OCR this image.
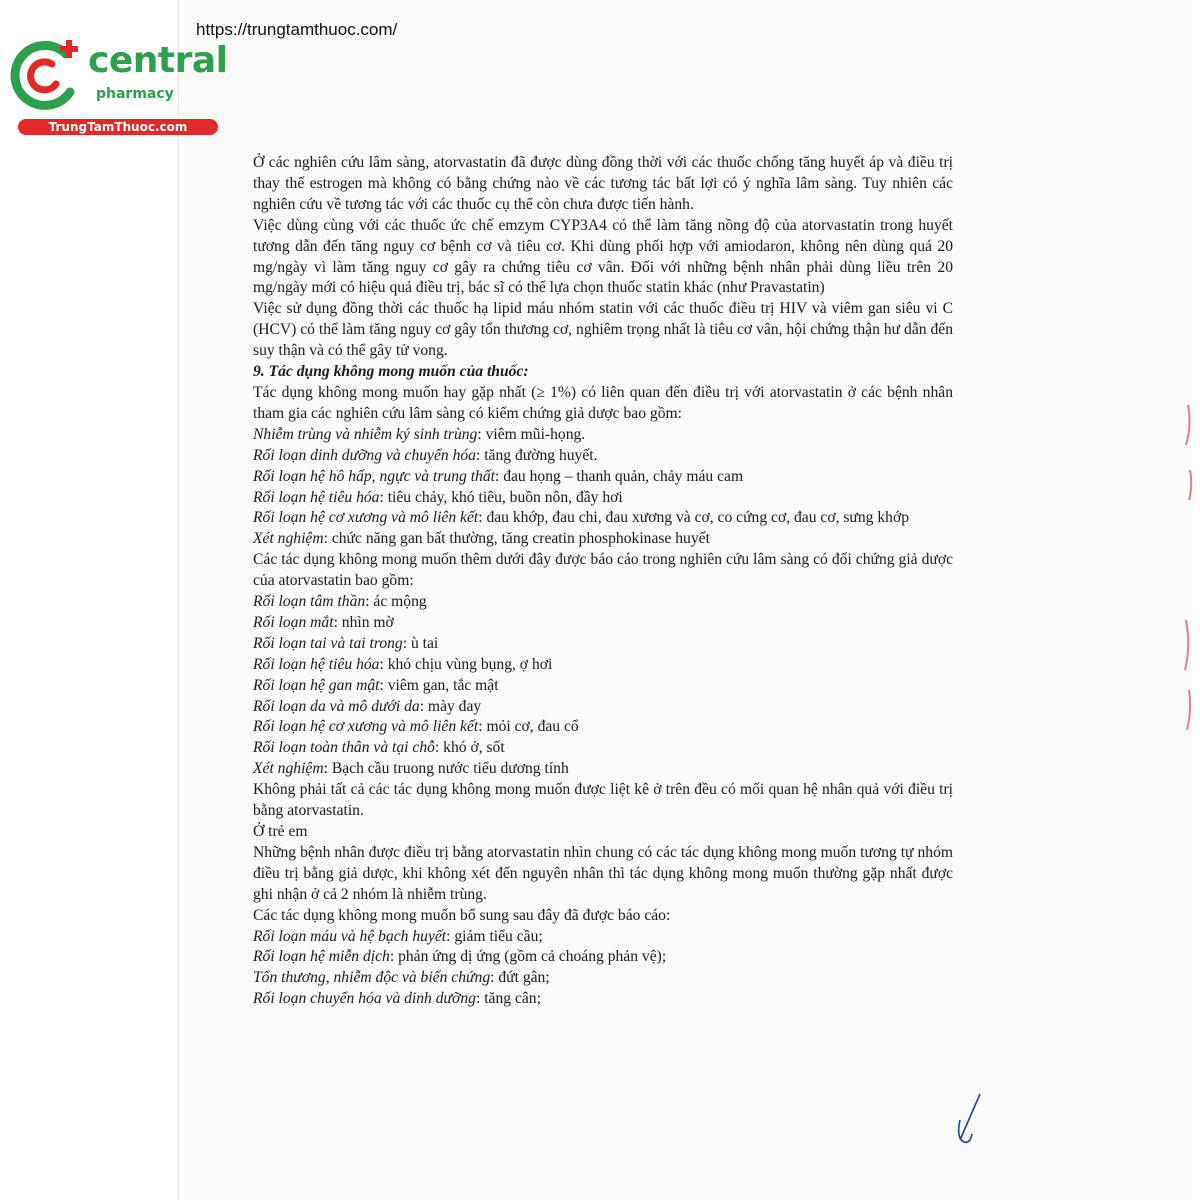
https://trungtamthuoc.com/
central
pharmacy
TrungTamThuoc.com

Ở các nghiên cứu lâm sàng, atorvastatin đã được dùng đồng thời với các thuốc chống tăng huyết áp và điều trị thay thế estrogen mà không có bằng chứng nào về các tương tác bất lợi có ý nghĩa lâm sàng. Tuy nhiên các nghiên cứu về tương tác với các thuốc cụ thể còn chưa được tiến hành.

Việc dùng cùng với các thuốc ức chế emzym CYP3A4 có thể làm tăng nồng độ của atorvastatin trong huyết tương dẫn đến tăng nguy cơ bệnh cơ và tiêu cơ. Khi dùng phối hợp với amiodaron, không nên dùng quá 20 mg/ngày vì làm tăng nguy cơ gây ra chứng tiêu cơ vân. Đối với những bệnh nhân phải dùng liều trên 20 mg/ngày mới có hiệu quả điều trị, bác sĩ có thể lựa chọn thuốc statin khác (như Pravastatin)

Việc sử dụng đồng thời các thuốc hạ lipid máu nhóm statin với các thuốc điều trị HIV và viêm gan siêu vi C (HCV) có thể làm tăng nguy cơ gây tổn thương cơ, nghiêm trọng nhất là tiêu cơ vân, hội chứng thận hư dẫn đến suy thận và có thể gây tử vong.

9. Tác dụng không mong muốn của thuốc:

Tác dụng không mong muốn hay gặp nhất (≥ 1%) có liên quan đến điều trị với atorvastatin ở các bệnh nhân tham gia các nghiên cứu lâm sàng có kiểm chứng giả dược bao gồm:

Nhiễm trùng và nhiễm ký sinh trùng: viêm mũi-họng.

Rối loạn dinh dưỡng và chuyển hóa: tăng đường huyết.

Rối loạn hệ hô hấp, ngực và trung thất: đau họng – thanh quản, chảy máu cam

Rối loạn hệ tiêu hóa: tiêu chảy, khó tiêu, buồn nôn, đầy hơi

Rối loạn hệ cơ xương và mô liên kết: đau khớp, đau chi, đau xương và cơ, co cứng cơ, đau cơ, sưng khớp

Xét nghiệm: chức năng gan bất thường, tăng creatin phosphokinase huyết

Các tác dụng không mong muốn thêm dưới đây được báo cáo trong nghiên cứu lâm sàng có đối chứng giả dược của atorvastatin bao gồm:

Rối loạn tâm thần: ác mộng

Rối loạn mắt: nhìn mờ

Rối loạn tai và tai trong: ù tai

Rối loạn hệ tiêu hóa: khó chịu vùng bụng, ợ hơi

Rối loạn hệ gan mật: viêm gan, tắc mật

Rối loạn da và mô dưới da: mày đay

Rối loạn hệ cơ xương và mô liên kết: mỏi cơ, đau cổ

Rối loạn toàn thân và tại chỗ: khó ở, sốt

Xét nghiệm: Bạch cầu truong nước tiểu dương tính

Không phải tất cả các tác dụng không mong muốn được liệt kê ở trên đều có mối quan hệ nhân quả với điều trị bằng atorvastatin.

Ở trẻ em

Những bệnh nhân được điều trị bằng atorvastatin nhìn chung có các tác dụng không mong muốn tương tự nhóm điều trị bằng giả dược, khi không xét đến nguyên nhân thì tác dụng không mong muốn thường gặp nhất được ghi nhận ở cả 2 nhóm là nhiễm trùng.

Các tác dụng không mong muốn bổ sung sau đây đã được báo cáo:

Rối loạn máu và hệ bạch huyết: giảm tiểu cầu;

Rối loạn hệ miễn dịch: phản ứng dị ứng (gồm cả choáng phản vệ);

Tổn thương, nhiễm độc và biến chứng: đứt gân;

Rối loạn chuyển hóa và dinh dưỡng: tăng cân;
